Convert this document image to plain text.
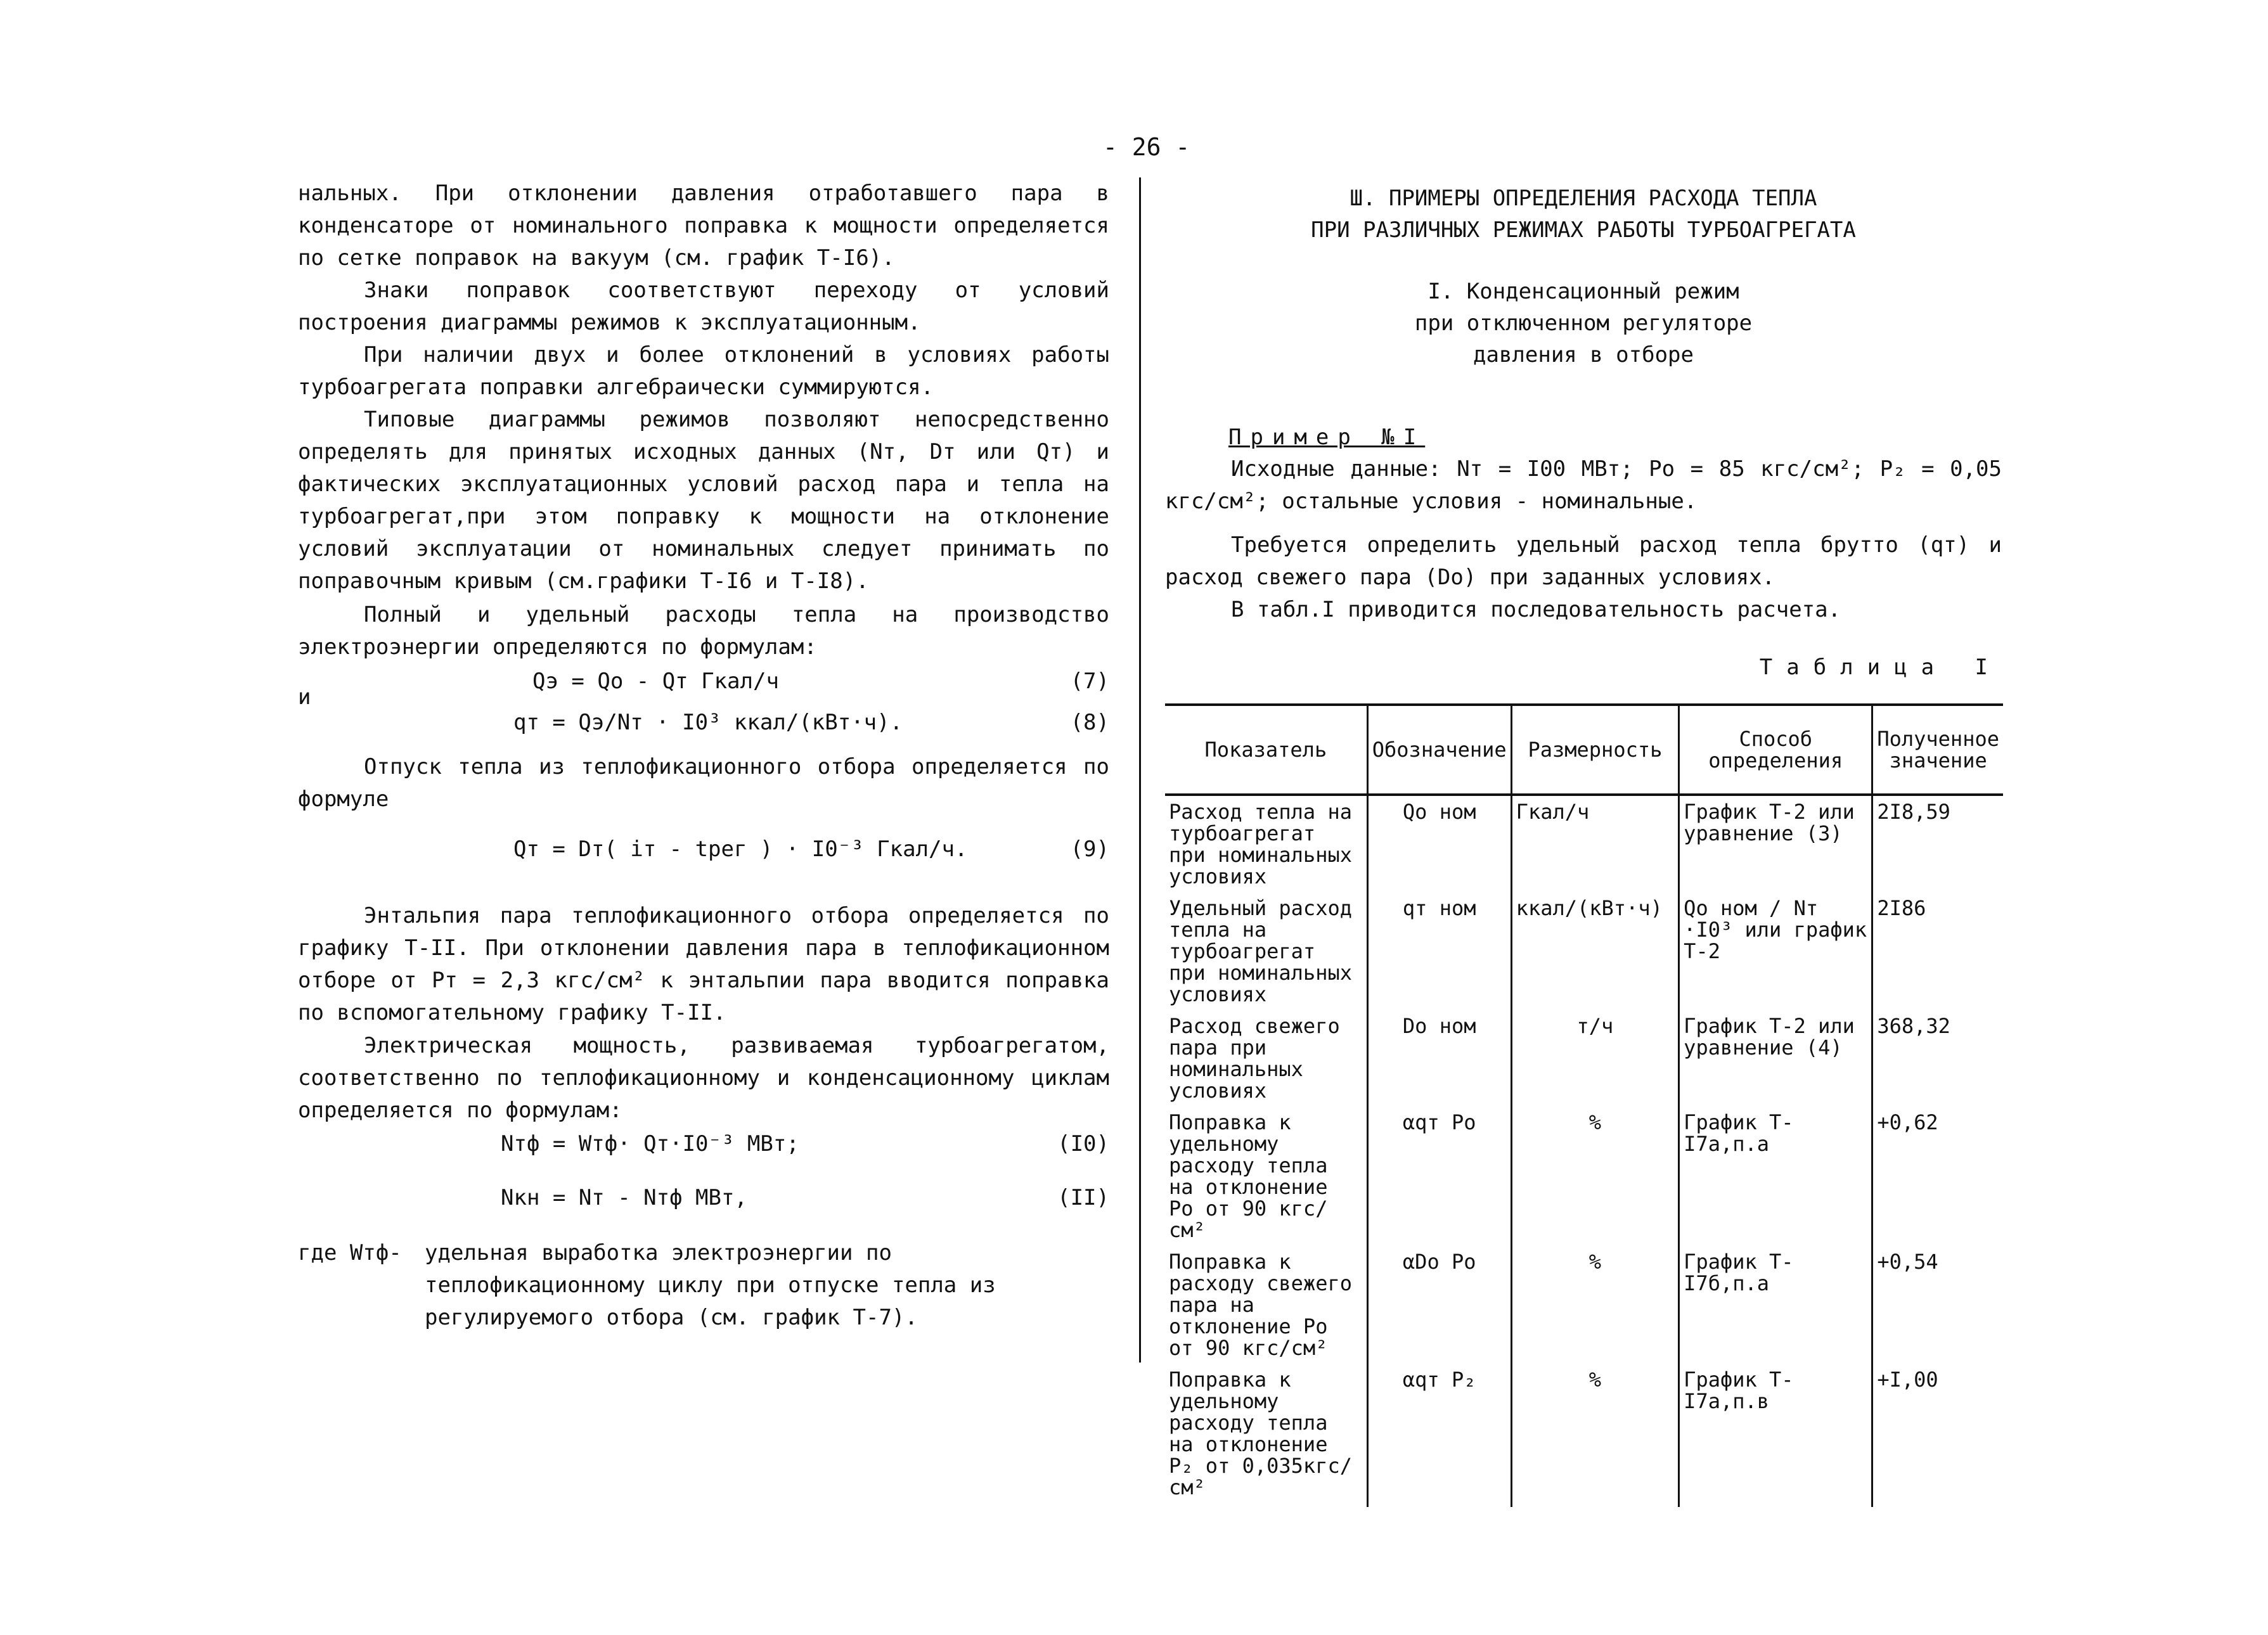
- 26 -

нальных. При отклонении давления отработавшего пара в конденсаторе от номинального поправка к мощности определяется по сетке поправок на вакуум (см. график Т-I6).

Знаки поправок соответствуют переходу от условий построения диаграммы режимов к эксплуатационным.

При наличии двух и более отклонений в условиях работы турбоагрегата поправки алгебраически суммируются.

Типовые диаграммы режимов позволяют непосредственно определять для принятых исходных данных (Nт, Dт или Qт) и фактических эксплуатационных условий расход пара и тепла на турбоагрегат,при этом поправку к мощности на отклонение условий эксплуатации от номинальных следует принимать по поправочным кривым (см.графики Т-I6 и Т-I8).

Полный и удельный расходы тепла на производство электроэнергии определяются по формулам:

Qэ = Qо - Qт Гкал/ч	(7)
и
qт = Qэ/Nт · I0³ ккал/(кВт·ч).	(8)

Отпуск тепла из теплофикационного отбора определяется по формуле

Qт = Dт( iт - tрег ) · I0⁻³ Гкал/ч.	(9)

Энтальпия пара теплофикационного отбора определяется по графику Т-II. При отклонении давления пара в теплофикационном отборе от Pт = 2,3 кгс/см² к энтальпии пара вводится поправка по вспомогательному графику Т-II.

Электрическая мощность, развиваемая турбоагрегатом, соответственно по теплофикационному и конденсационному циклам определяется по формулам:

Nтф = Wтф· Qт·I0⁻³ МВт;	(I0)
Nкн = Nт - Nтф МВт,	(II)
где Wтф- удельная выработка электроэнергии по теплофикационному циклу при отпуске тепла из регулируемого отбора (см. график Т-7).
Ш. ПРИМЕРЫ ОПРЕДЕЛЕНИЯ РАСХОДА ТЕПЛА
ПРИ РАЗЛИЧНЫХ РЕЖИМАХ РАБОТЫ ТУРБОАГРЕГАТА
I. Конденсационный режим
при отключенном регуляторе
давления в отборе
Пример №I

Исходные данные: Nт = I00 МВт; Pо = 85 кгс/см²; P₂ = 0,05 кгс/см²; остальные условия - номинальные.

Требуется определить удельный расход тепла брутто (qт) и расход свежего пара (Dо) при заданных условиях.

В табл.I приводится последовательность расчета.

Таблица I
Показатель	Обозначение	Размерность	Способ определения	Полученное значение
Расход тепла на турбоагрегат при номинальных условиях	Qо ном	Гкал/ч	График Т-2 или уравнение (3)	2I8,59
Удельный расход тепла на турбоагрегат при номинальных условиях	qт ном	ккал/(кВт·ч)	Qо ном / Nт ·I0³ или график Т-2	2I86
Расход свежего пара при номинальных условиях	Dо ном	т/ч	График Т-2 или уравнение (4)	368,32
Поправка к удельному расходу тепла на отклонение Pо от 90 кгс/см²	αqт Pо	%	График Т-I7а,п.а	+0,62
Поправка к расходу свежего пара на отклонение Pо от 90 кгс/см²	αDо Pо	%	График Т-I7б,п.а	+0,54
Поправка к удельному расходу тепла на отклонение P₂ от 0,035кгс/см²	αqт P₂	%	График Т-I7а,п.в	+I,00
